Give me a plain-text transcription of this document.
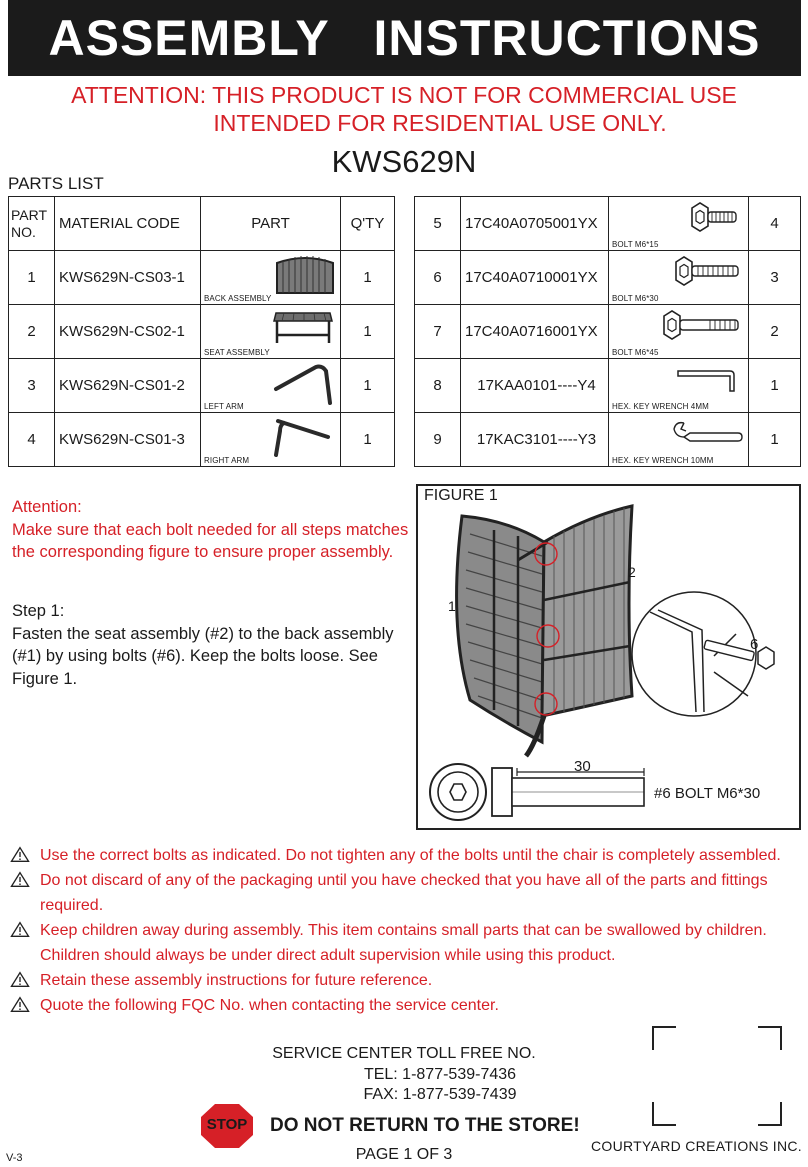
ASSEMBLY   INSTRUCTIONS
ATTENTION: THIS PRODUCT IS NOT FOR COMMERCIAL USE
INTENDED FOR RESIDENTIAL USE ONLY.
KWS629N
PARTS LIST
PART
NO.	MATERIAL CODE	PART	Q'TY
1	KWS629N-CS03-1	BACK ASSEMBLY	1
2	KWS629N-CS02-1	SEAT ASSEMBLY	1
3	KWS629N-CS01-2	LEFT ARM	1
4	KWS629N-CS01-3	RIGHT ARM	1
5	17C40A0705001YX	BOLT M6*15	4
6	17C40A0710001YX	BOLT M6*30	3
7	17C40A0716001YX	BOLT M6*45	2
8	17KAA0101----Y4	HEX. KEY WRENCH 4MM	1
9	17KAC3101----Y3	HEX. KEY WRENCH 10MM	1
Attention:
Make sure that each bolt needed for all steps matches the corresponding figure to ensure proper assembly.
Step 1:
Fasten the seat assembly (#2) to the back assembly (#1) by using bolts (#6). Keep the bolts loose. See Figure 1.
FIGURE 1
1
2
6
30
#6 BOLT M6*30
Use the correct bolts as indicated. Do not tighten any of the bolts until the chair is completely assembled.
Do not discard of any of the packaging until you have checked that you have all of the parts and fittings required.
Keep children away during assembly. This item contains small parts that can be swallowed by children. Children should always be under direct adult supervision while using this product.
Retain these assembly instructions for future reference.
Quote the following FQC No. when contacting the service center.
SERVICE CENTER TOLL FREE NO.
TEL: 1-877-539-7436
FAX: 1-877-539-7439
STOP	DO NOT RETURN TO THE STORE!
COURTYARD CREATIONS INC.
PAGE 1 OF 3
V-3
